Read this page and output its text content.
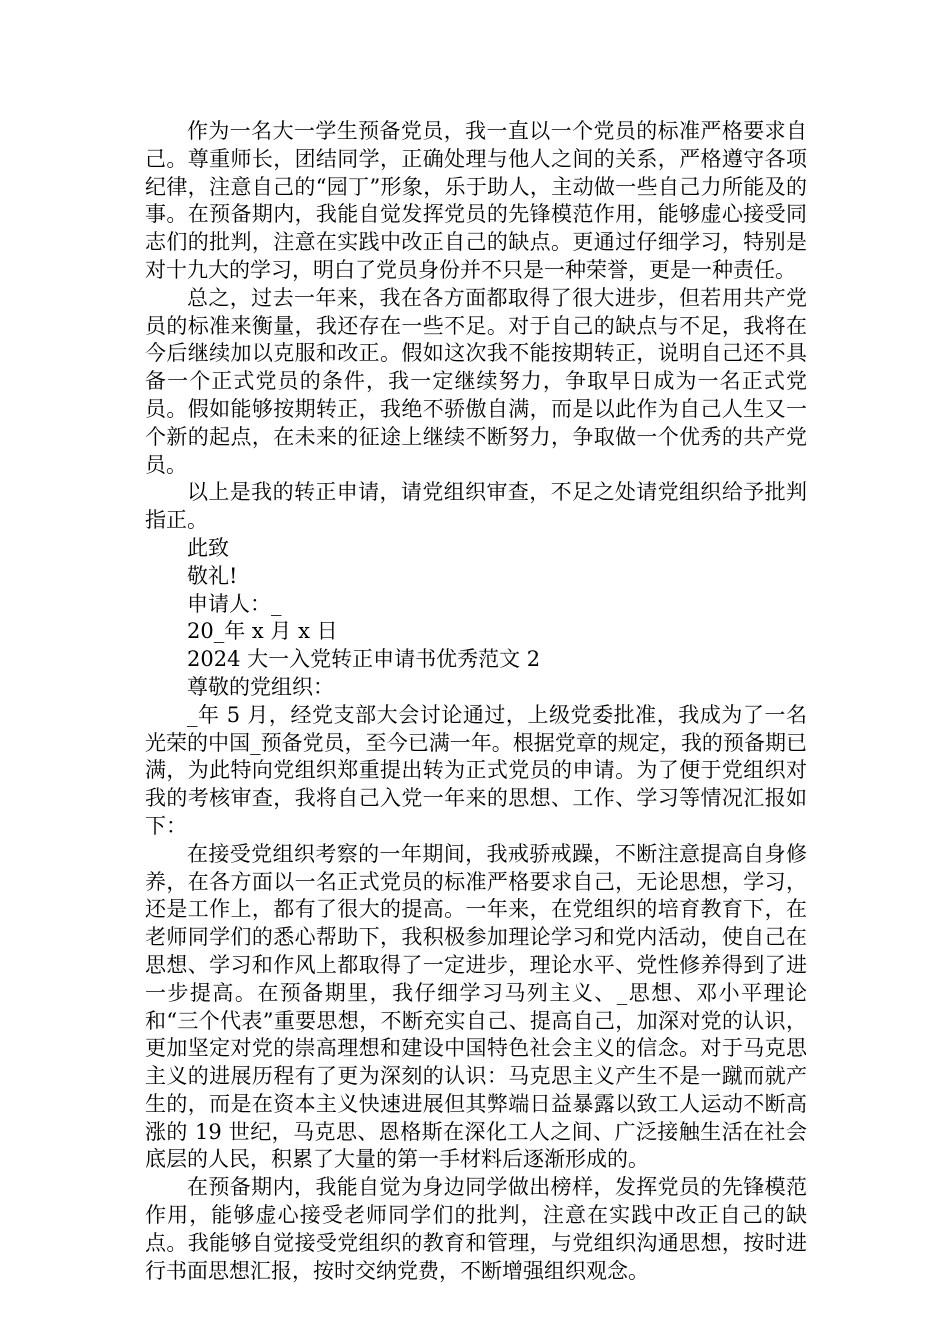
作为一名大一学生预备党员，我一直以一个党员的标准严格要求自己。尊重师长，团结同学，正确处理与他人之间的关系，严格遵守各项纪律，注意自己的“园丁”形象，乐于助人，主动做一些自己力所能及的事。在预备期内，我能自觉发挥党员的先锋模范作用，能够虚心接受同志们的批判，注意在实践中改正自己的缺点。更通过仔细学习，特别是对十九大的学习，明白了党员身份并不只是一种荣誉，更是一种责任。

总之，过去一年来，我在各方面都取得了很大进步，但若用共产党员的标准来衡量，我还存在一些不足。对于自己的缺点与不足，我将在今后继续加以克服和改正。假如这次我不能按期转正，说明自己还不具备一个正式党员的条件，我一定继续努力，争取早日成为一名正式党员。假如能够按期转正，我绝不骄傲自满，而是以此作为自己人生又一个新的起点，在未来的征途上继续不断努力，争取做一个优秀的共产党员。

以上是我的转正申请，请党组织审查，不足之处请党组织给予批判指正。

此致

敬礼!

申请人：_

20_年 x 月 x 日

2024 大一入党转正申请书优秀范文 2

尊敬的党组织：

_年 5 月，经党支部大会讨论通过，上级党委批准，我成为了一名光荣的中国_预备党员，至今已满一年。根据党章的规定，我的预备期已满，为此特向党组织郑重提出转为正式党员的申请。为了便于党组织对我的考核审查，我将自己入党一年来的思想、工作、学习等情况汇报如下：

在接受党组织考察的一年期间，我戒骄戒躁，不断注意提高自身修养，在各方面以一名正式党员的标准严格要求自己，无论思想，学习，还是工作上，都有了很大的提高。一年来，在党组织的培育教育下，在老师同学们的悉心帮助下，我积极参加理论学习和党内活动，使自己在思想、学习和作风上都取得了一定进步，理论水平、党性修养得到了进一步提高。在预备期里，我仔细学习马列主义、_思想、邓小平理论和“三个代表”重要思想，不断充实自己、提高自己，加深对党的认识，更加坚定对党的崇高理想和建设中国特色社会主义的信念。对于马克思主义的进展历程有了更为深刻的认识：马克思主义产生不是一蹴而就产生的，而是在资本主义快速进展但其弊端日益暴露以致工人运动不断高涨的 19 世纪，马克思、恩格斯在深化工人之间、广泛接触生活在社会底层的人民，积累了大量的第一手材料后逐渐形成的。

在预备期内，我能自觉为身边同学做出榜样，发挥党员的先锋模范作用，能够虚心接受老师同学们的批判，注意在实践中改正自己的缺点。我能够自觉接受党组织的教育和管理，与党组织沟通思想，按时进行书面思想汇报，按时交纳党费，不断增强组织观念。
